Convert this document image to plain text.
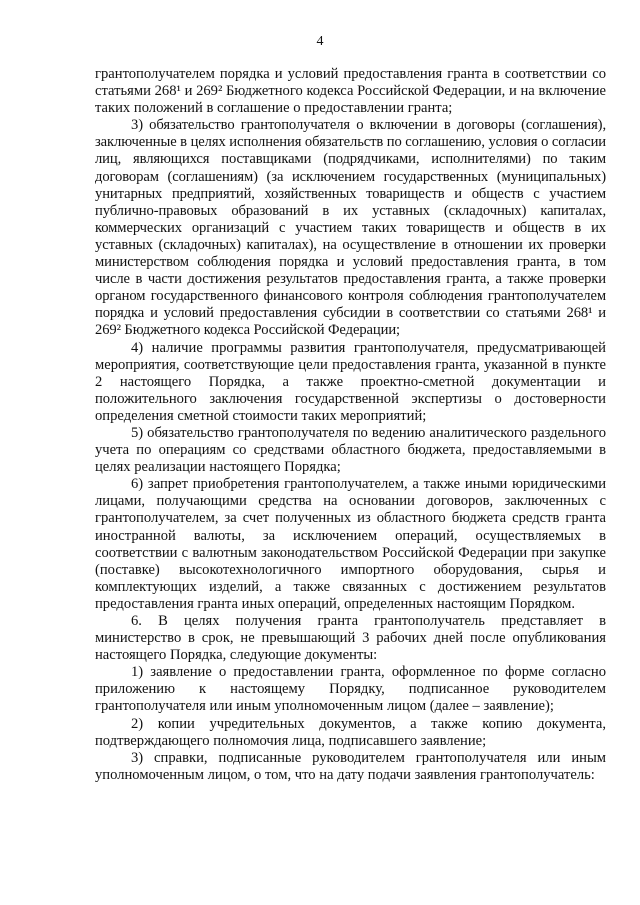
4

грантополучателем порядка и условий предоставления гранта в соответствии со статьями 268¹ и 269² Бюджетного кодекса Российской Федерации, и на включение таких положений в соглашение о предоставлении гранта;

3) обязательство грантополучателя о включении в договоры (соглашения), заключенные в целях исполнения обязательств по соглашению, условия о согласии лиц, являющихся поставщиками (подрядчиками, исполнителями) по таким договорам (соглашениям) (за исключением государственных (муниципальных) унитарных предприятий, хозяйственных товариществ и обществ с участием публично-правовых образований в их уставных (складочных) капиталах, коммерческих организаций с участием таких товариществ и обществ в их уставных (складочных) капиталах), на осуществление в отношении их проверки министерством соблюдения порядка и условий предоставления гранта, в том числе в части достижения результатов предоставления гранта, а также проверки органом государственного финансового контроля соблюдения грантополучателем порядка и условий предоставления субсидии в соответствии со статьями 268¹ и 269² Бюджетного кодекса Российской Федерации;

4) наличие программы развития грантополучателя, предусматривающей мероприятия, соответствующие цели предоставления гранта, указанной в пункте 2 настоящего Порядка, а также проектно-сметной документации и положительного заключения государственной экспертизы о достоверности определения сметной стоимости таких мероприятий;

5) обязательство грантополучателя по ведению аналитического раздельного учета по операциям со средствами областного бюджета, предоставляемыми в целях реализации настоящего Порядка;

6) запрет приобретения грантополучателем, а также иными юридическими лицами, получающими средства на основании договоров, заключенных с грантополучателем, за счет полученных из областного бюджета средств гранта иностранной валюты, за исключением операций, осуществляемых в соответствии с валютным законодательством Российской Федерации при закупке (поставке) высокотехнологичного импортного оборудования, сырья и комплектующих изделий, а также связанных с достижением результатов предоставления гранта иных операций, определенных настоящим Порядком.

6. В целях получения гранта грантополучатель представляет в министерство в срок, не превышающий 3 рабочих дней после опубликования настоящего Порядка, следующие документы:

1) заявление о предоставлении гранта, оформленное по форме согласно приложению к настоящему Порядку, подписанное руководителем грантополучателя или иным уполномоченным лицом (далее – заявление);

2) копии учредительных документов, а также копию документа, подтверждающего полномочия лица, подписавшего заявление;

3) справки, подписанные руководителем грантополучателя или иным уполномоченным лицом, о том, что на дату подачи заявления грантополучатель:
